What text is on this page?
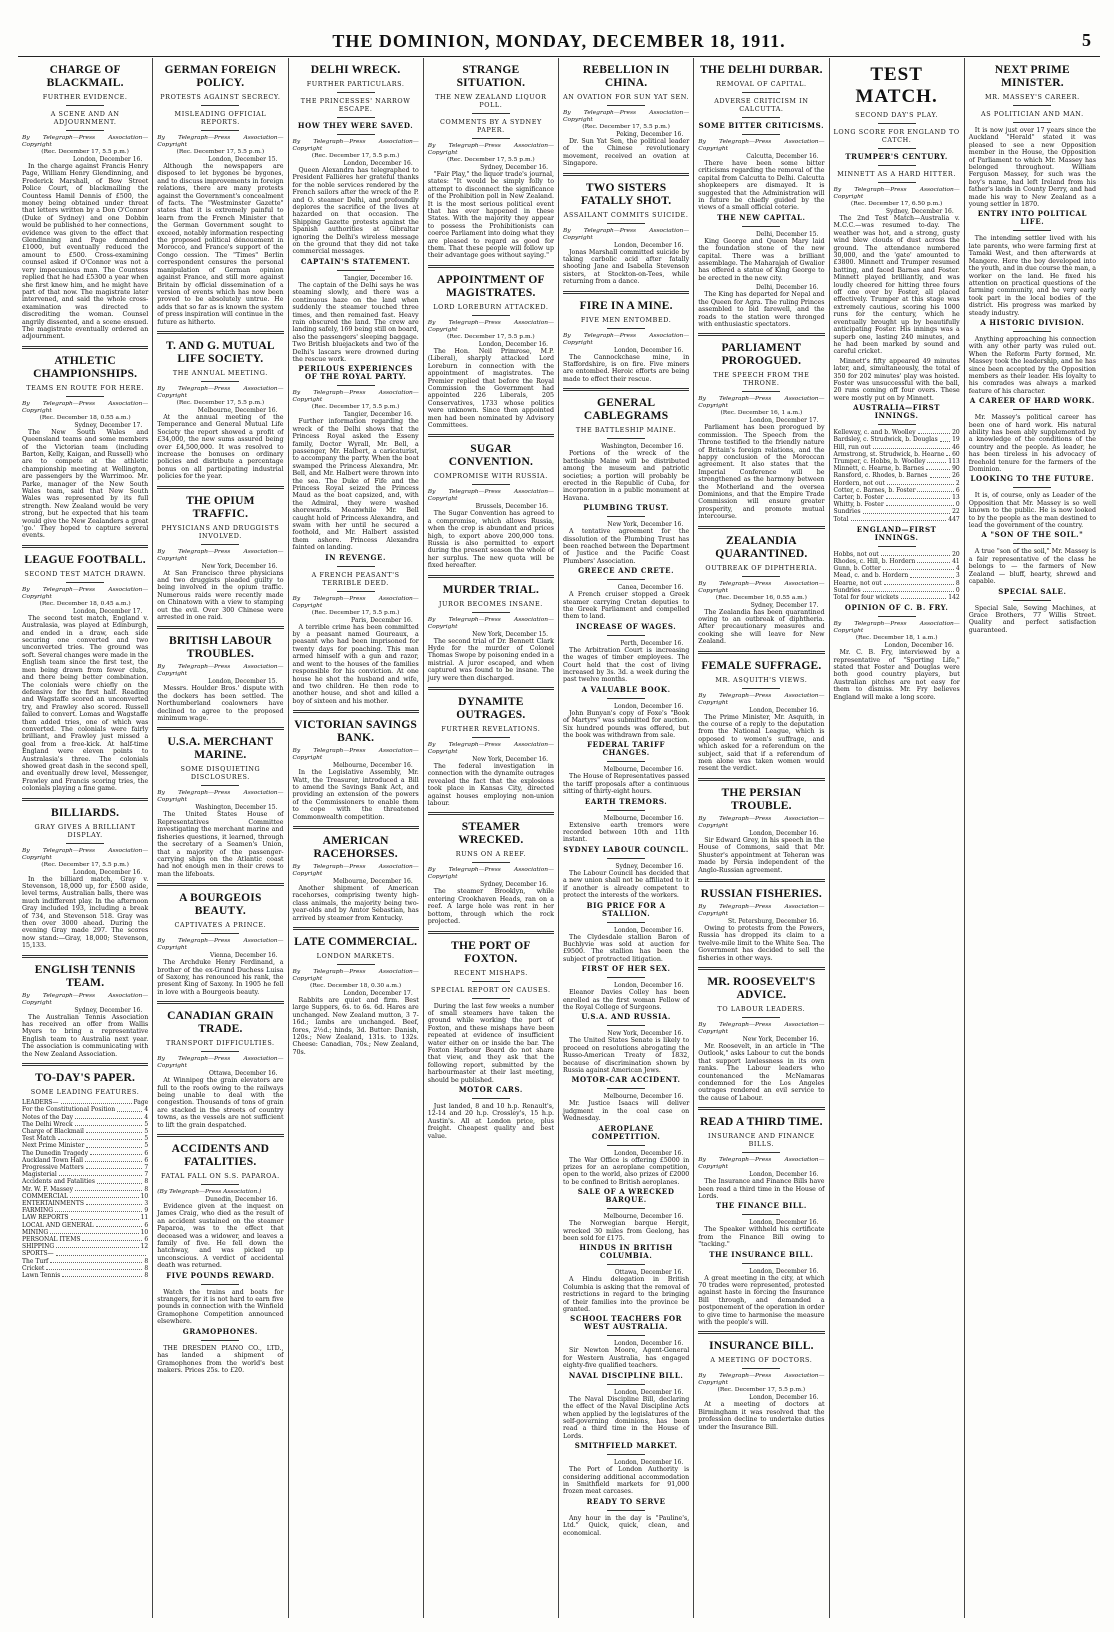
THE DOMINION, MONDAY, DECEMBER 18, 1911.	5
CHARGE OF BLACKMAIL.
FURTHER EVIDENCE.
A SCENE AND AN ADJOURNMENT.
By Telegraph—Press Association—Copyright
(Rec. December 17, 5.5 p.m.)
London, December 16.

In the charge against Francis Henry Page, William Henry Glendinning, and Frederick Marshall, of Bow Street Police Court, of blackmailing the Countess Hamil Dennis of £500, the money being obtained under threat that letters written by a Don O'Connor (Duke of Sydney) and one Dobbin would be published to her connections, evidence was given to the effect that Glendinning and Page demanded £1000, but eventually reduced the amount to £500. Cross-examining counsel asked if O'Connor was not a very impecunious man. The Countess replied that he had £5300 a year when she first knew him, and he might have part of that now. The magistrate later intervened, and said the whole cross-examination was directed to discrediting the woman. Counsel angrily dissented, and a scene ensued. The magistrate eventually ordered an adjournment.

ATHLETIC CHAMPIONSHIPS.
TEAMS EN ROUTE FOR HERE.
By Telegraph—Press Association—Copyright
(Rec. December 18, 0.55 a.m.)
Sydney, December 17.

The New South Wales and Queensland teams and some members of the Victorian team (including Barton, Kelly, Kaigan, and Russell) who are to compete at the athletic championship meeting at Wellington, are passengers by the Warrimoo. Mr. Parke, manager of the New South Wales team, said that New South Wales was represented by its full strength. New Zealand would be very strong, but he expected that his team would give the New Zealanders a great 'go.' They hoped to capture several events.

LEAGUE FOOTBALL.
SECOND TEST MATCH DRAWN.
By Telegraph—Press Association—Copyright
(Rec. December 18, 0.45 a.m.)
London, December 17.

The second test match, England v. Australasia, was played at Edinburgh, and ended in a draw, each side securing one converted and two unconverted tries. The ground was soft. Several changes were made in the English team since the first test, the men being drawn from fewer clubs, and there being better combination. The colonials were chiefly on the defensive for the first half. Reading and Wagstaffe scored an unconverted try, and Frawley also scored. Russell failed to convert. Lomas and Wagstaffe then added tries, one of which was converted. The colonials were fairly brilliant, and Frawley just missed a goal from a free-kick. At half-time England were eleven points to Australasia's three. The colonials showed great dash in the second spell, and eventually drew level, Messenger, Frawley and Francis scoring tries, the colonials playing a fine game.

BILLIARDS.
GRAY GIVES A BRILLIANT DISPLAY.
By Telegraph—Press Association—Copyright
(Rec. December 17, 5.5 p.m.)
London, December 16.

In the billiard match, Gray v. Stevenson, 18,000 up, for £500 aside, level terms, Australian balls, there was much indifferent play. In the afternoon Gray included 193, including a break of 734, and Stevenson 518. Gray was then over 3000 ahead. During the evening Gray made 297. The scores now stand:—Gray, 18,000; Stevenson, 15,133.

ENGLISH TENNIS TEAM.
By Telegraph—Press Association—Copyright
Sydney, December 16.

The Australian Tennis Association has received an offer from Wallis Myers to bring a representative English team to Australia next year. The association is communicating with the New Zealand Association.

TO-DAY'S PAPER.
SOME LEADING FEATURES.
LEADERS—	Page
For the Constitutional Position	4
Notes of the Day	4
The Delhi Wreck	5
Charge of Blackmail	5
Test Match	5
Next Prime Minister	5
The Dunedin Tragedy	6
Auckland Town Hall	6
Progressive Matters	7
Magisterial	7
Accidents and Fatalities	8
Mr. W. F. Massey	8
COMMERCIAL	10
ENTERTAINMENTS	3
FARMING	9
LAW REPORTS	11
LOCAL AND GENERAL	6
MINING	10
PERSONAL ITEMS	6
SHIPPING	12
SPORTS—
The Turf	8
Cricket	8
Lawn Tennis	8
GERMAN FOREIGN POLICY.
PROTESTS AGAINST SECRECY.
MISLEADING OFFICIAL REPORTS.
By Telegraph—Press Association—Copyright
(Rec. December 17, 5.5 p.m.)
London, December 15.

Although the newspapers are disposed to let bygones be bygones, and to discuss improvements in foreign relations, there are many protests against the Government's concealment of facts. The "Westminster Gazette" states that it is extremely painful to learn from the French Minister that the German Government sought to exceed, notably information respecting the proposed political dénouement in Morocco, and France's support of the Congo cession. The "Times" Berlin correspondent censures the personal manipulation of German opinion against France, and still more against Britain by official dissemination of a version of events which has now been proved to be absolutely untrue. He adds that so far as is known the system of press inspiration will continue in the future as hitherto.

T. AND G. MUTUAL LIFE SOCIETY.
THE ANNUAL MEETING.
By Telegraph—Press Association—Copyright
(Rec. December 17, 5.5 p.m.)
Melbourne, December 16.

At the annual meeting of the Temperance and General Mutual Life Society the report showed a profit of £34,000, the new sums assured being over £4,500,000. It was resolved to increase the bonuses on ordinary policies and distribute a percentage bonus on all participating industrial policies for the year.

THE OPIUM TRAFFIC.
PHYSICIANS AND DRUGGISTS INVOLVED.
By Telegraph—Press Association—Copyright
New York, December 16.

At San Francisco three physicians and two druggists pleaded guilty to being involved in the opium traffic. Numerous raids were recently made on Chinatown with a view to stamping out the evil. Over 300 Chinese were arrested in one raid.

BRITISH LABOUR TROUBLES.
By Telegraph—Press Association—Copyright
London, December 15.

Messrs. Houlder Bros.' dispute with the dockers has been settled. The Northumberland coalowners have declined to agree to the proposed minimum wage.

U.S.A. MERCHANT MARINE.
SOME DISQUIETING DISCLOSURES.
By Telegraph—Press Association—Copyright
Washington, December 15.

The United States House of Representatives Committee investigating the merchant marine and fisheries questions, it learned, through the secretary of a Seamen's Union, that a majority of the passenger-carrying ships on the Atlantic coast had not enough men in their crews to man the lifeboats.

A BOURGEOIS BEAUTY.
CAPTIVATES A PRINCE.
By Telegraph—Press Association—Copyright
Vienna, December 16.

The Archduke Henry Ferdinand, a brother of the ex-Grand Duchess Luisa of Saxony, has renounced his rank, the present King of Saxony. In 1905 he fell in love with a Bourgeois beauty.

CANADIAN GRAIN TRADE.
TRANSPORT DIFFICULTIES.
By Telegraph—Press Association—Copyright
Ottawa, December 16.

At Winnipeg the grain elevators are full to the roofs owing to the railways being unable to deal with the congestion. Thousands of tons of grain are stacked in the streets of country towns, as the vessels are not sufficient to lift the grain despatched.

ACCIDENTS AND FATALITIES.
FATAL FALL ON S.S. PAPAROA.
(By Telegraph—Press Association.)
Dunedin, December 16.

Evidence given at the inquest on James Craig, who died as the result of an accident sustained on the steamer Paparoa, was to the effect that deceased was a widower, and leaves a family of five. He fell down the hatchway, and was picked up unconscious. A verdict of accidental death was returned.

FIVE POUNDS REWARD.

Watch the trains and boats for strangers, for it is not hard to earn five pounds in connection with the Winfield Gramophone Competition announced elsewhere.

GRAMOPHONES.

THE DRESDEN PIANO CO., LTD., has landed a shipment of Gramophones from the world's best makers. Prices 25s. to £20.

DELHI WRECK.
FURTHER PARTICULARS.
THE PRINCESSES' NARROW ESCAPE.
HOW THEY WERE SAVED.
By Telegraph—Press Association—Copyright
(Rec. December 17, 5.5 p.m.)
London, December 16.

Queen Alexandra has telegraphed to President Fallières her grateful thanks for the noble services rendered by the French sailors after the wreck of the P. and O. steamer Delhi, and profoundly deplores the sacrifice of the lives at hazarded on that occasion. The Shipping Gazette protests against the Spanish authorities at Gibraltar ignoring the Delhi's wireless message on the ground that they did not take commercial messages.

CAPTAIN'S STATEMENT.
Tangier, December 16.

The captain of the Delhi says he was steaming slowly, and there was a continuous haze on the land when suddenly the steamer touched three times, and then remained fast. Heavy rain obscured the land. The crew are landing safely, 169 being still on board, also the passengers' sleeping baggage. Two British bluejackets and two of the Delhi's lascars were drowned during the rescue work.

PERILOUS EXPERIENCES OF THE ROYAL PARTY.
By Telegraph—Press Association—Copyright
(Rec. December 17, 5.5 p.m.)
Tangier, December 16.

Further information regarding the wreck of the Delhi shows that the Princess Royal asked the Esseny family, Doctor Wyrall, Mr. Bell, a passenger, Mr. Halbert, a caricaturist, to accompany the party. When the boat swamped the Princess Alexandra, Mr. Bell, and Mr. Halbert were thrown into the sea. The Duke of Fife and the Princess Royal seized the Princess Maud as the boat capsized, and, with the Admiral, they were washed shorewards. Meanwhile Mr. Bell caught hold of Princess Alexandra, and swam with her until he secured a foothold, and Mr. Halbert assisted them ashore. Princess Alexandra fainted on landing.

IN REVENGE.
A FRENCH PEASANT'S TERRIBLE DEED.
By Telegraph—Press Association—Copyright
(Rec. December 17, 5.5 p.m.)
Paris, December 16.

A terrible crime has been committed by a peasant named Goureaux, a peasant who had been imprisoned for twenty days for poaching. This man armed himself with a gun and razor, and went to the houses of the families responsible for his conviction. At one house he shot the husband and wife, and two children. He then rode to another house, and shot and killed a boy of sixteen and his mother.

VICTORIAN SAVINGS BANK.
By Telegraph—Press Association—Copyright
Melbourne, December 16.

In the Legislative Assembly, Mr. Watt, the Treasurer, introduced a Bill to amend the Savings Bank Act, and providing an extension of the powers of the Commissioners to enable them to cope with the threatened Commonwealth competition.

AMERICAN RACEHORSES.
By Telegraph—Press Association—Copyright
Melbourne, December 16.

Another shipment of American racehorses, comprising twenty high-class animals, the majority being two-year-olds and by Amtor Sebastian, has arrived by steamer from Kentucky.

LATE COMMERCIAL.
LONDON MARKETS.
By Telegraph—Press Association—Copyright
(Rec. December 18, 0.30 a.m.)
London, December 17.

Rabbits are quiet and firm. Best large Suppers, 6s. to 6s. 6d. Hares are unchanged. New Zealand mutton, 3 7-16d.; lambs are unchanged. Beef, fores, 2½d.; hinds, 3d. Butter: Danish, 120s.; New Zealand, 131s. to 132s. Cheese: Canadian, 70s.; New Zealand, 70s.

STRANGE SITUATION.
THE NEW ZEALAND LIQUOR POLL.
COMMENTS BY A SYDNEY PAPER.
By Telegraph—Press Association—Copyright
(Rec. December 17, 5.5 p.m.)
Sydney, December 16.

"Fair Play," the liquor trade's journal, states: "It would be simply folly to attempt to disconnect the significance of the Prohibition poll in New Zealand. It is the most serious political event that has ever happened in these States. With the majority they appear to possess the Prohibitionists can coerce Parliament into doing what they are pleased to regard as good for them. That these people will follow up their advantage goes without saying."

APPOINTMENT OF MAGISTRATES.
LORD LOREBURN ATTACKED.
By Telegraph—Press Association—Copyright
(Rec. December 17, 5.5 p.m.)
London, December 16.

The Hon. Neil Primrose, M.P. (Liberal), sharply attacked Lord Loreburn in connection with the appointment of magistrates. The Premier replied that before the Royal Commission the Government had appointed 226 Liberals, 205 Conservatives, 1733 whose politics were unknown. Since then appointed men had been nominated by Advisory Committees.

SUGAR CONVENTION.
COMPROMISE WITH RUSSIA.
By Telegraph—Press Association—Copyright
Brussels, December 16.

The Sugar Convention has agreed to a compromise, which allows Russia, when the crop is abundant and prices high, to export above 200,000 tons. Russia is also permitted to export during the present season the whole of her surplus. The new quota will be fixed hereafter.

MURDER TRIAL.
JUROR BECOMES INSANE.
By Telegraph—Press Association—Copyright
New York, December 15.

The second trial of Dr. Bennett Clark Hyde for the murder of Colonel Thomas Swope by poisoning ended in a mistrial. A juror escaped, and when captured was found to be insane. The jury were then discharged.

DYNAMITE OUTRAGES.
FURTHER REVELATIONS.
By Telegraph—Press Association—Copyright
New York, December 16.

The federal investigation in connection with the dynamite outrages revealed the fact that the explosions took place in Kansas City, directed against houses employing non-union labour.

STEAMER WRECKED.
RUNS ON A REEF.
By Telegraph—Press Association—Copyright
Sydney, December 16.

The steamer Brooklyn, while entering Crookhaven Heads, ran on a reef. A large hole was rent in her bottom, through which the rock projected.

THE PORT OF FOXTON.
RECENT MISHAPS.
SPECIAL REPORT ON CAUSES.

During the last few weeks a number of small steamers have taken the ground while working the port of Foxton, and these mishaps have been repeated at evidence of insufficient water either on or inside the bar. The Foxton Harbour Board do not share that view, and they ask that the following report, submitted by the harbourmaster at their last meeting, should be published.

MOTOR CARS.

Just landed, 8 and 10 h.p. Renault's, 12-14 and 20 h.p. Crossley's, 15 h.p. Austin's. All at London price, plus freight. Cheapest quality and best value.

REBELLION IN CHINA.
AN OVATION FOR SUN YAT SEN.
By Telegraph—Press Association—Copyright
(Rec. December 17, 5.5 p.m.)
Peking, December 16.

Dr. Sun Yat Sen, the political leader of the Chinese revolutionary movement, received an ovation at Singapore.

TWO SISTERS FATALLY SHOT.
ASSAILANT COMMITS SUICIDE.
By Telegraph—Press Association—Copyright
London, December 16.

Jonas Marshall committed suicide by taking carbolic acid after fatally shooting Jane and Isabella Stevenson sisters, at Stockton-on-Tees, while returning from a dance.

FIRE IN A MINE.
FIVE MEN ENTOMBED.
By Telegraph—Press Association—Copyright
London, December 16.

The Cannockchase mine, in Staffordshire, is on fire. Five miners are entombed. Heroic efforts are being made to effect their rescue.

GENERAL CABLEGRAMS
THE BATTLESHIP MAINE.
Washington, December 16.

Portions of the wreck of the battleship Maine will be distributed among the museum and patriotic societies; a portion will probably be erected in the Republic of Cuba, for incorporation in a public monument at Havana.

PLUMBING TRUST.
New York, December 16.

A tentative agreement for the dissolution of the Plumbing Trust has been reached between the Department of Justice and the Pacific Coast Plumbers' Association.

GREECE AND CRETE.
Canea, December 16.

A French cruiser stopped a Greek steamer carrying Cretan deputies to the Greek Parliament and compelled them to land.

INCREASE OF WAGES.
Perth, December 16.

The Arbitration Court is increasing the wages of timber employees. The Court held that the cost of living increased by 3s. 3d. a week during the past twelve months.

A VALUABLE BOOK.
London, December 16.

John Bunyan's copy of Foxe's "Book of Martyrs" was submitted for auction. Six hundred pounds was offered, but the book was withdrawn from sale.

FEDERAL TARIFF CHANGES.
Melbourne, December 16.

The House of Representatives passed the tariff proposals after a continuous sitting of thirty-eight hours.

EARTH TREMORS.
Melbourne, December 16.

Extensive earth tremors were recorded between 10th and 11th instant.

SYDNEY LABOUR COUNCIL.
Sydney, December 16.

The Labour Council has decided that a new union shall not be affiliated to it if another is already competent to protect the interests of the workers.

BIG PRICE FOR A STALLION.
London, December 16.

The Clydesdale stallion Baron of Buchlyvie was sold at auction for £9500. The stallion has been the subject of protracted litigation.

FIRST OF HER SEX.
London, December 16.

Eleanor Davies Colley has been enrolled as the first woman Fellow of the Royal College of Surgeons.

U.S.A. AND RUSSIA.
New York, December 16.

The United States Senate is likely to proceed on resolutions abrogating the Russo-American Treaty of 1832, because of discrimination shown by Russia against American Jews.

MOTOR-CAR ACCIDENT.
Melbourne, December 16.

Mr. Justice Isaacs will deliver judgment in the coal case on Wednesday.

AEROPLANE COMPETITION.
London, December 16.

The War Office is offering £5000 in prizes for an aeroplane competition, open to the world, also prizes of £2000 to be confined to British aeroplanes.

SALE OF A WRECKED BARQUE.
Melbourne, December 16.

The Norwegian barque Hergit, wrecked 30 miles from Geelong, has been sold for £175.

HINDUS IN BRITISH COLUMBIA.
Ottawa, December 16.

A Hindu delegation in British Columbia is asking that the removal of restrictions in regard to the bringing of their families into the province be granted.

SCHOOL TEACHERS FOR WEST AUSTRALIA.
London, December 16.

Sir Newton Moore, Agent-General for Western Australia, has engaged eighty-five qualified teachers.

NAVAL DISCIPLINE BILL.
London, December 16.

The Naval Discipline Bill, declaring the effect of the Naval Discipline Acts when applied by the legislatures of the self-governing dominions, has been read a third time in the House of Lords.

SMITHFIELD MARKET.
London, December 16.

The Port of London Authority is considering additional accommodation in Smithfield markets for 91,000 frozen meat carcases.

READY TO SERVE

Any hour in the day is "Pauline's, Ltd." Quick, quick, clean, and economical.

THE DELHI DURBAR.
REMOVAL OF CAPITAL.
ADVERSE CRITICISM IN CALCUTTA.
SOME BITTER CRITICISMS.
By Telegraph—Press Association—Copyright
Calcutta, December 16.

There have been some bitter criticisms regarding the removal of the capital from Calcutta to Delhi. Calcutta shopkeepers are dismayed. It is suggested that the Administration will in future be chiefly guided by the views of a small official coterie.

THE NEW CAPITAL.
Delhi, December 15.

King George and Queen Mary laid the foundation stone of the new capital. There was a brilliant assemblage. The Maharajah of Gwalior has offered a statue of King George to be erected in the new city.

Delhi, December 16.

The King has departed for Nepal and the Queen for Agra. The ruling Princes assembled to bid farewell, and the roads to the station were thronged with enthusiastic spectators.

PARLIAMENT PROROGUED.
THE SPEECH FROM THE THRONE.
By Telegraph—Press Association—Copyright
(Rec. December 16, 1 a.m.)
London, December 17.

Parliament has been prorogued by commission. The Speech from the Throne testified to the friendly nature of Britain's foreign relations, and the happy conclusion of the Moroccan agreement. It also states that the Imperial Conference will be strengthened as the harmony between the Motherland and the oversea Dominions, and that the Empire Trade Commission will ensure greater prosperity, and promote mutual intercourse.

ZEALANDIA QUARANTINED.
OUTBREAK OF DIPHTHERIA.
By Telegraph—Press Association—Copyright
(Rec. December 16, 0.55 a.m.)
Sydney, December 17.

The Zealandia has been quarantined owing to an outbreak of diphtheria. After precautionary measures and cooking she will leave for New Zealand.

FEMALE SUFFRAGE.
MR. ASQUITH'S VIEWS.
By Telegraph—Press Association—Copyright
London, December 16.

The Prime Minister, Mr. Asquith, in the course of a reply to the deputation from the National League, which is opposed to women's suffrage, and which asked for a referendum on the subject, said that if a referendum of men alone was taken women would resent the verdict.

THE PERSIAN TROUBLE.
By Telegraph—Press Association—Copyright
London, December 16.

Sir Edward Grey, in his speech in the House of Commons, said that Mr. Shuster's appointment at Teheran was made by Persia independent of the Anglo-Russian agreement.

RUSSIAN FISHERIES.
By Telegraph—Press Association—Copyright
St. Petersburg, December 16.

Owing to protests from the Powers, Russia has dropped its claim to a twelve-mile limit to the White Sea. The Government has decided to sell the fisheries in other ways.

MR. ROOSEVELT'S ADVICE.
TO LABOUR LEADERS.
By Telegraph—Press Association—Copyright
New York, December 16.

Mr. Roosevelt, in an article in "The Outlook," asks Labour to cut the bonds that support lawlessness in its own ranks. The Labour leaders who countenanced the McNamaras condemned for the Los Angeles outrages rendered an evil service to the cause of Labour.

READ A THIRD TIME.
INSURANCE AND FINANCE BILLS.
By Telegraph—Press Association—Copyright
London, December 16.

The Insurance and Finance Bills have been read a third time in the House of Lords.

THE FINANCE BILL.
London, December 16.

The Speaker withheld his certificate from the Finance Bill owing to "tacking."

THE INSURANCE BILL.
London, December 16.

A great meeting in the city, at which 70 trades were represented, protested against haste in forcing the Insurance Bill through, and demanded a postponement of the operation in order to give time to harmonise the measure with the people's will.

INSURANCE BILL.
A MEETING OF DOCTORS.
By Telegraph—Press Association—Copyright
(Rec. December 17, 5.5 p.m.)
London, December 16.

At a meeting of doctors at Birmingham it was resolved that the profession decline to undertake duties under the Insurance Bill.

TEST MATCH.
SECOND DAY'S PLAY.
LONG SCORE FOR ENGLAND TO CATCH.
TRUMPER'S CENTURY.
MINNETT AS A HARD HITTER.
By Telegraph—Press Association—Copyright
(Rec. December 17, 6.50 p.m.)
Sydney, December 16.

The 2nd Test Match—Australia v. M.C.C.—was resumed to-day. The weather was hot, and a strong, gusty wind blew clouds of dust across the ground. The attendance numbered 30,000, and the 'gate' amounted to £3800. Minnett and Trumper resumed batting, and faced Barnes and Foster. Minnett played brilliantly, and was loudly cheered for hitting three fours off one over by Foster, all placed effectively. Trumper at this stage was extremely cautious, scoring his 1000 runs for the century, which he eventually brought up by beautifully anticipating Foster. His innings was a superb one, lasting 240 minutes, and he had been marked by sound and careful cricket.

Minnett's fifty appeared 49 minutes later, and, simultaneously, the total of 350 for 202 minutes' play was hoisted. Foster was unsuccessful with the ball, 20 runs coming off four overs. These were mostly put on by Minnett.

AUSTRALIA—FIRST INNINGS.
Kelleway, c. and b. Woolley	20
Bardsley, c. Strudwick, b. Douglas 19
Hill, run out	46
Armstrong, st. Strudwick, b. Hearne 60
Trumper, c. Hobbs, b. Woolley	113
Minnett, c. Hearne, b. Barnes	90
Ransford, c. Rhodes, b. Barnes	26
Hordern, not out	2
Cotter, c. Barnes, b. Foster	6
Carter, b. Foster	13
Whitty, b. Foster	0
Sundries	22
Total	447
ENGLAND—FIRST INNINGS.
Hobbs, not out	20
Rhodes, c. Hill, b. Hordern	41
Gunn, b. Cotter	4
Mead, c. and b. Hordern	3
Hearne, not out	8
Sundries	0
Total for four wickets	142
OPINION OF C. B. FRY.
By Telegraph—Press Association—Copyright
(Rec. December 18, 1 a.m.)
London, December 16.

Mr. C. B. Fry, interviewed by a representative of "Sporting Life," stated that Foster and Douglas were both good country players, but Australian pitches are not easy for them to dismiss. Mr. Fry believes England will make a long score.

NEXT PRIME MINISTER.
MR. MASSEY'S CAREER.
AS POLITICIAN AND MAN.

It is now just over 17 years since the Auckland "Herald" stated it was pleased to see a new Opposition member in the House, the Opposition of Parliament to which Mr. Massey has belonged throughout. William Ferguson Massey, for such was the boy's name, had left Ireland from his father's lands in County Derry, and had made his way to New Zealand as a young settler in 1870.

ENTRY INTO POLITICAL LIFE.

The intending settler lived with his late parents, who were farming first at Tamaki West, and then afterwards at Mangere. Here the boy developed into the youth, and in due course the man, a worker on the land. He fixed his attention on practical questions of the farming community, and he very early took part in the local bodies of the district. His progress was marked by steady industry.

A HISTORIC DIVISION.

Anything approaching his connection with any other party was ruled out. When the Reform Party formed, Mr. Massey took the leadership, and he has since been accepted by the Opposition members as their leader. His loyalty to his comrades was always a marked feature of his character.

A CAREER OF HARD WORK.

Mr. Massey's political career has been one of hard work. His natural ability has been ably supplemented by a knowledge of the conditions of the country and the people. As leader, he has been tireless in his advocacy of freehold tenure for the farmers of the Dominion.

LOOKING TO THE FUTURE.

It is, of course, only as Leader of the Opposition that Mr. Massey is so well known to the public. He is now looked to by the people as the man destined to lead the government of the country.

A "SON OF THE SOIL."

A true "son of the soil," Mr. Massey is a fair representative of the class he belongs to — the farmers of New Zealand — bluff, hearty, shrewd and capable.

SPECIAL SALE.

Special Sale, Sewing Machines, at Grace Brothers, 77 Willis Street. Quality and perfect satisfaction guaranteed.
